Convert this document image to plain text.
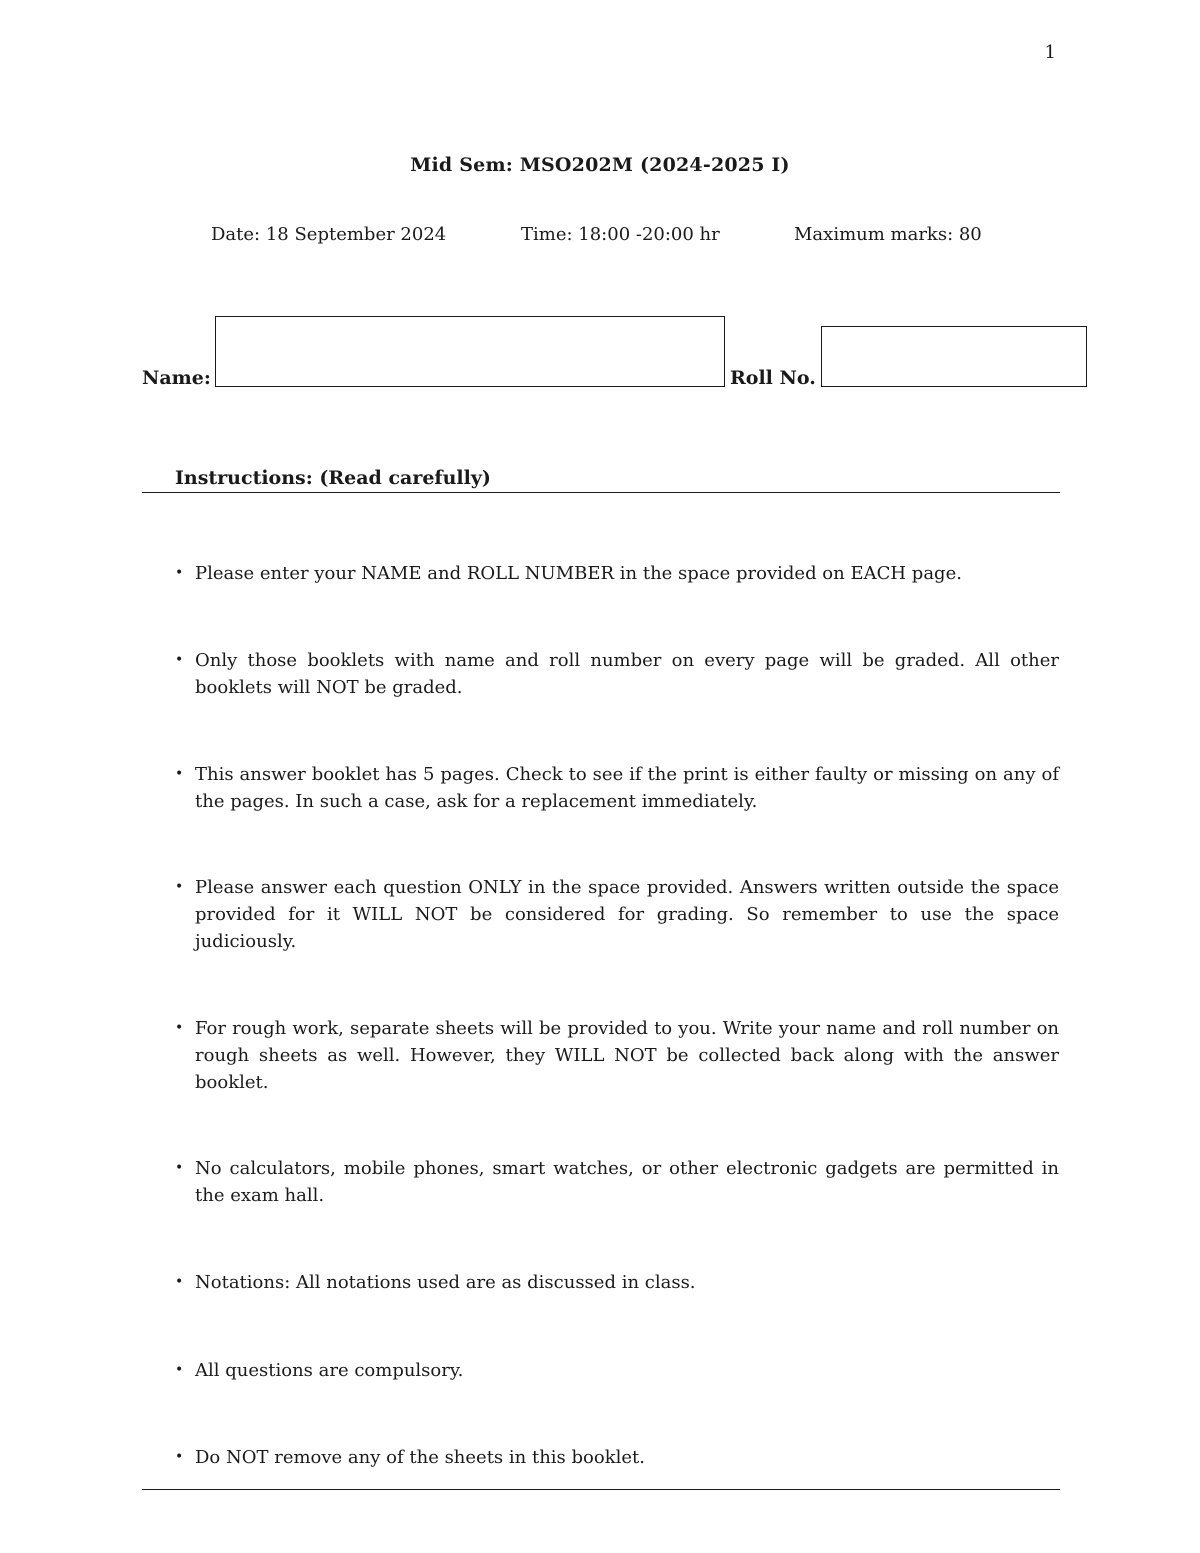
1
Mid Sem: MSO202M (2024-2025 I)
Date: 18 September 2024	Time: 18:00 -20:00 hr	Maximum marks: 80
Name:	Roll No.
Instructions: (Read carefully)
• Please enter your NAME and ROLL NUMBER in the space provided on EACH page.
• Only those booklets with name and roll number on every page will be graded. All other booklets will NOT be graded.
• This answer booklet has 5 pages. Check to see if the print is either faulty or missing on any of the pages. In such a case, ask for a replacement immediately.
• Please answer each question ONLY in the space provided. Answers written outside the space provided for it WILL NOT be considered for grading. So remember to use the space judiciously.
• For rough work, separate sheets will be provided to you. Write your name and roll number on rough sheets as well. However, they WILL NOT be collected back along with the answer booklet.
• No calculators, mobile phones, smart watches, or other electronic gadgets are permitted in the exam hall.
• Notations: All notations used are as discussed in class.
• All questions are compulsory.
• Do NOT remove any of the sheets in this booklet.
